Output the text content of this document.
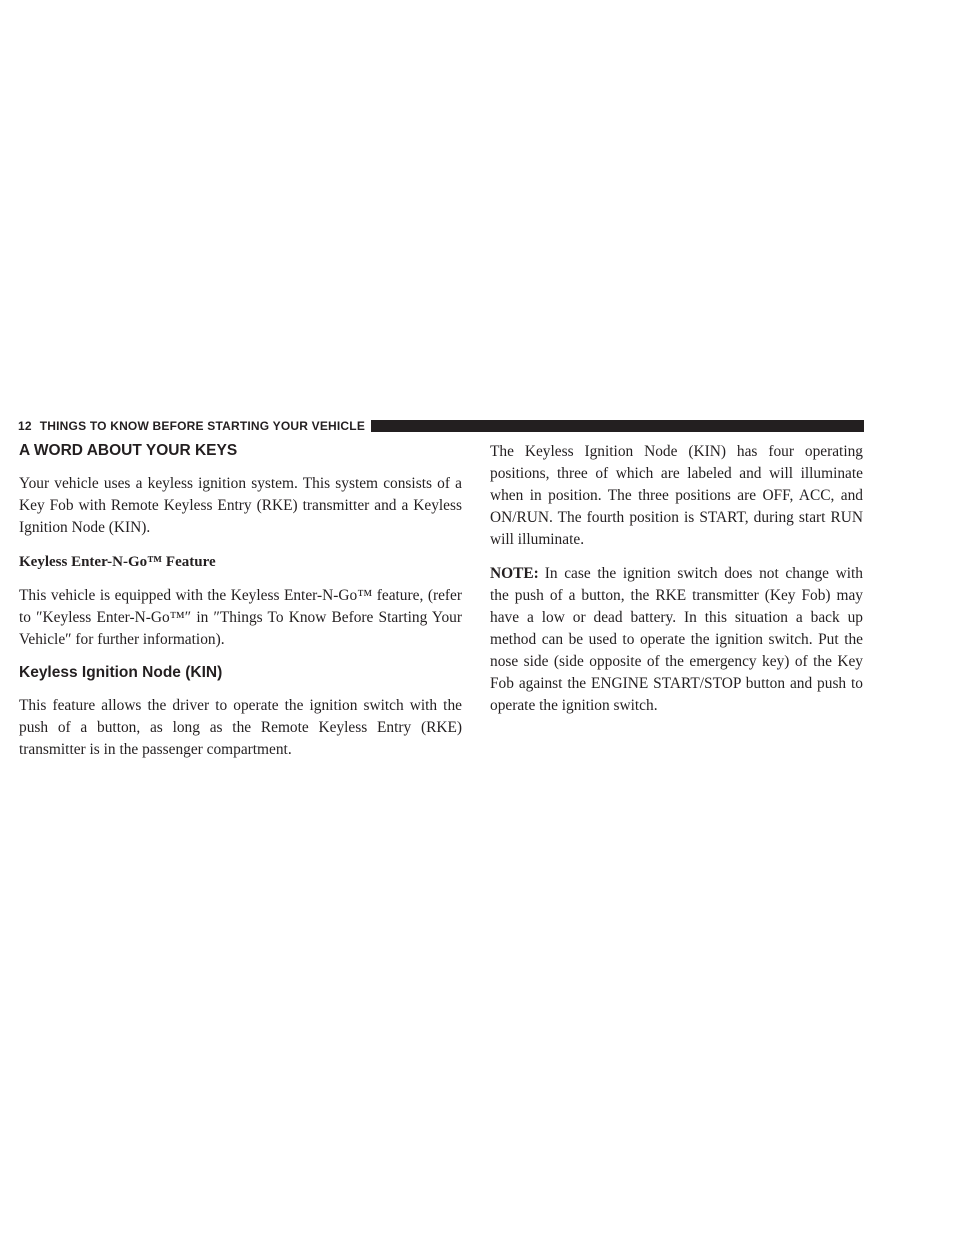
12 THINGS TO KNOW BEFORE STARTING YOUR VEHICLE
A WORD ABOUT YOUR KEYS

Your vehicle uses a keyless ignition system. This system consists of a Key Fob with Remote Keyless Entry (RKE) transmitter and a Keyless Ignition Node (KIN).

Keyless Enter-N-Go™ Feature

This vehicle is equipped with the Keyless Enter-N-Go™ feature, (refer to ″Keyless Enter-N-Go™″ in ″Things To Know Before Starting Your Vehicle″ for further information).

Keyless Ignition Node (KIN)

This feature allows the driver to operate the ignition switch with the push of a button, as long as the Remote Keyless Entry (RKE) transmitter is in the passenger compartment.

The Keyless Ignition Node (KIN) has four operating positions, three of which are labeled and will illuminate when in position. The three positions are OFF, ACC, and ON/RUN. The fourth position is START, during start RUN will illuminate.

NOTE: In case the ignition switch does not change with the push of a button, the RKE transmitter (Key Fob) may have a low or dead battery. In this situation a back up method can be used to operate the ignition switch. Put the nose side (side opposite of the emergency key) of the Key Fob against the ENGINE START/STOP button and push to operate the ignition switch.
